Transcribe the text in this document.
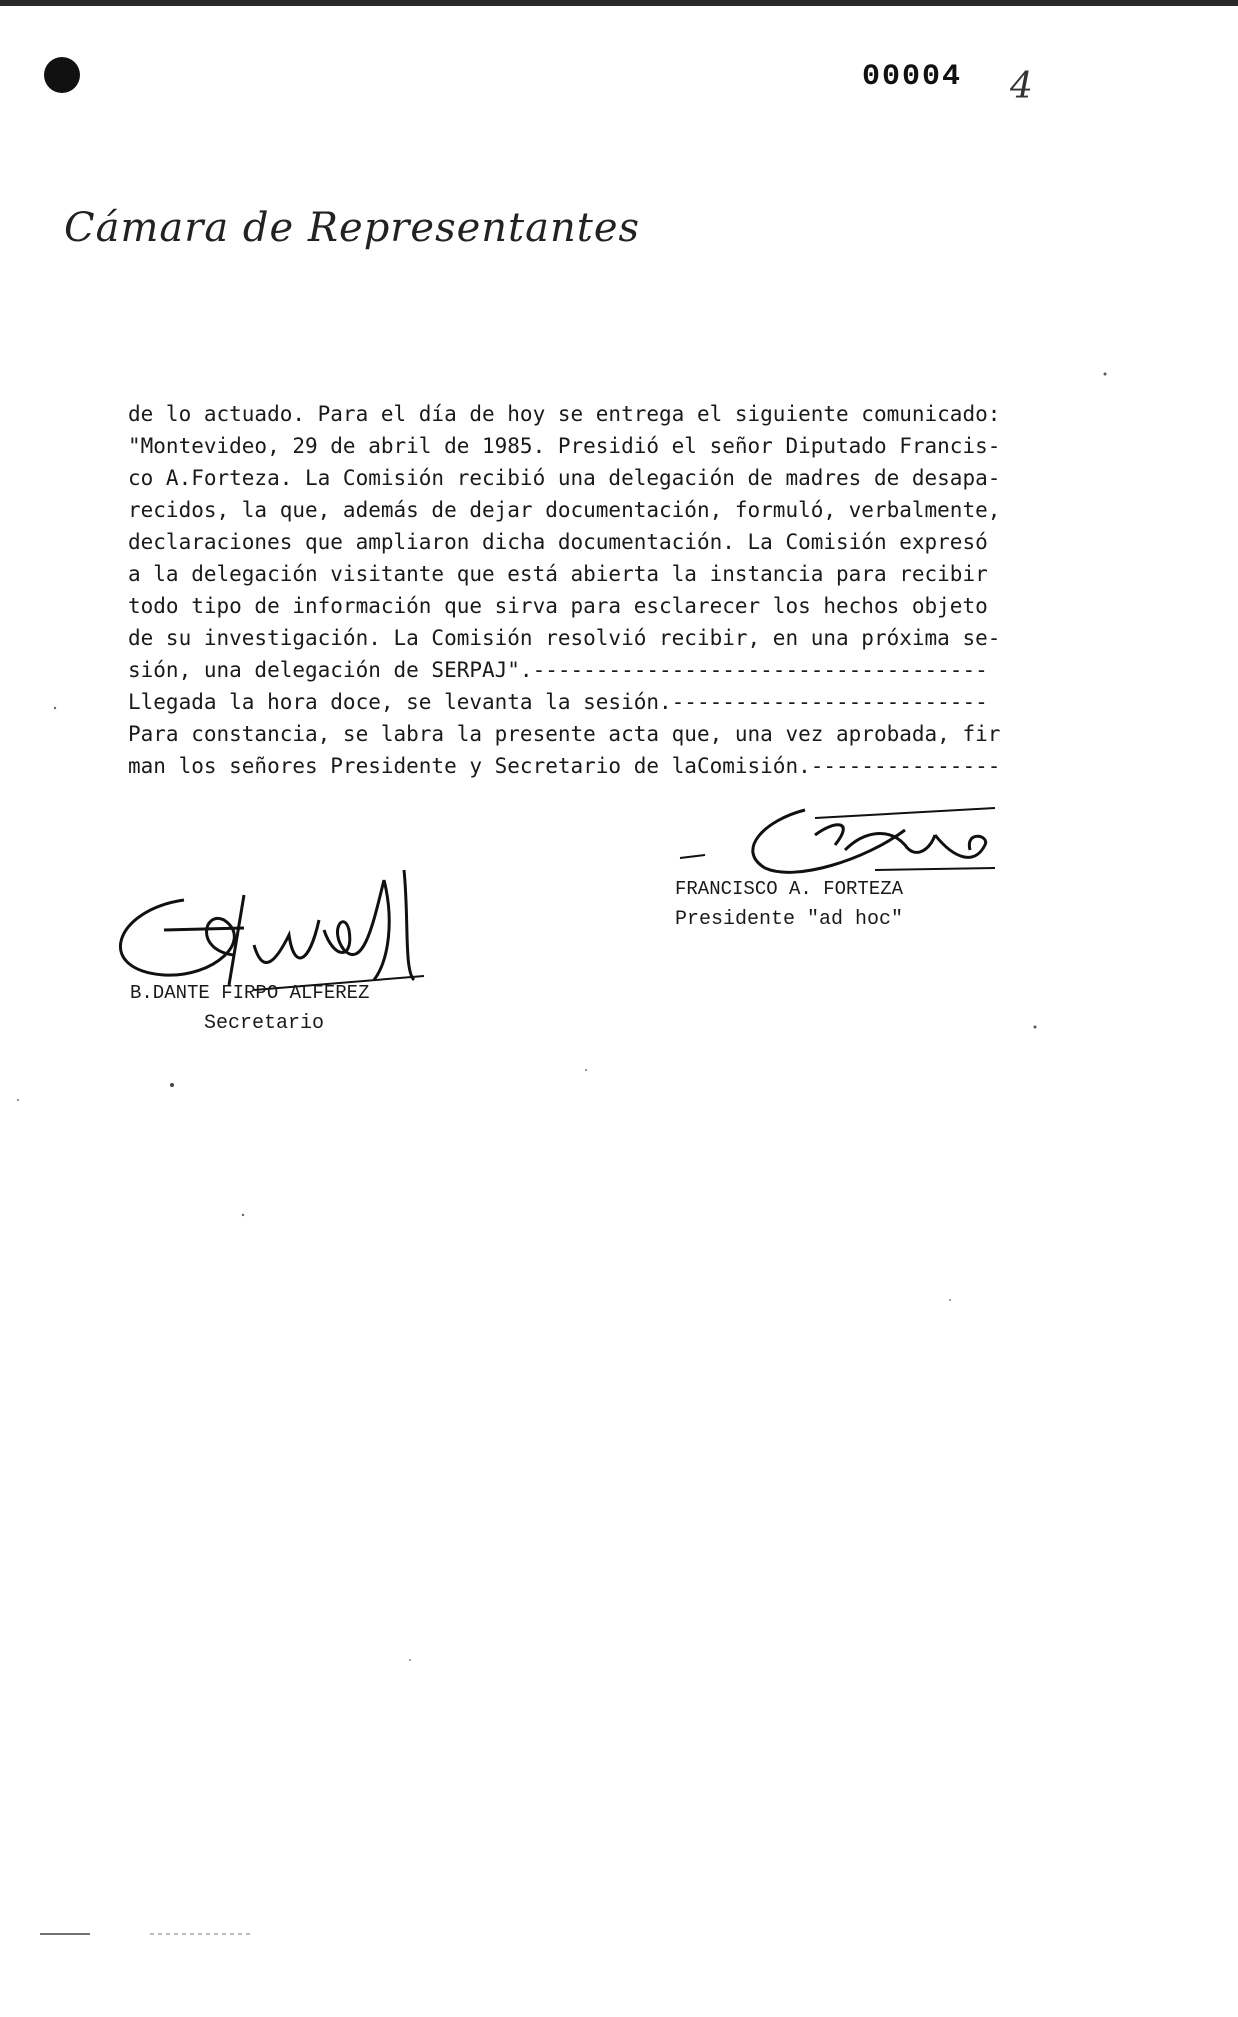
00004 4
Cámara de Representantes
de lo actuado. Para el día de hoy se entrega el siguiente comunicado:
"Montevideo, 29 de abril de 1985. Presidió el señor Diputado Francis-
co A.Forteza. La Comisión recibió una delegación de madres de desapa-
recidos, la que, además de dejar documentación, formuló, verbalmente,
declaraciones que ampliaron dicha documentación. La Comisión expresó
a la delegación visitante que está abierta la instancia para recibir
todo tipo de información que sirva para esclarecer los hechos objeto
de su investigación. La Comisión resolvió recibir, en una próxima se-
sión, una delegación de SERPAJ".------------------------------------
Llegada la hora doce, se levanta la sesión.-------------------------
Para constancia, se labra la presente acta que, una vez aprobada, fir
man los señores Presidente y Secretario de laComisión.---------------
B.DANTE FIRPO ALFEREZ
Secretario
FRANCISCO A. FORTEZA
Presidente "ad hoc"
